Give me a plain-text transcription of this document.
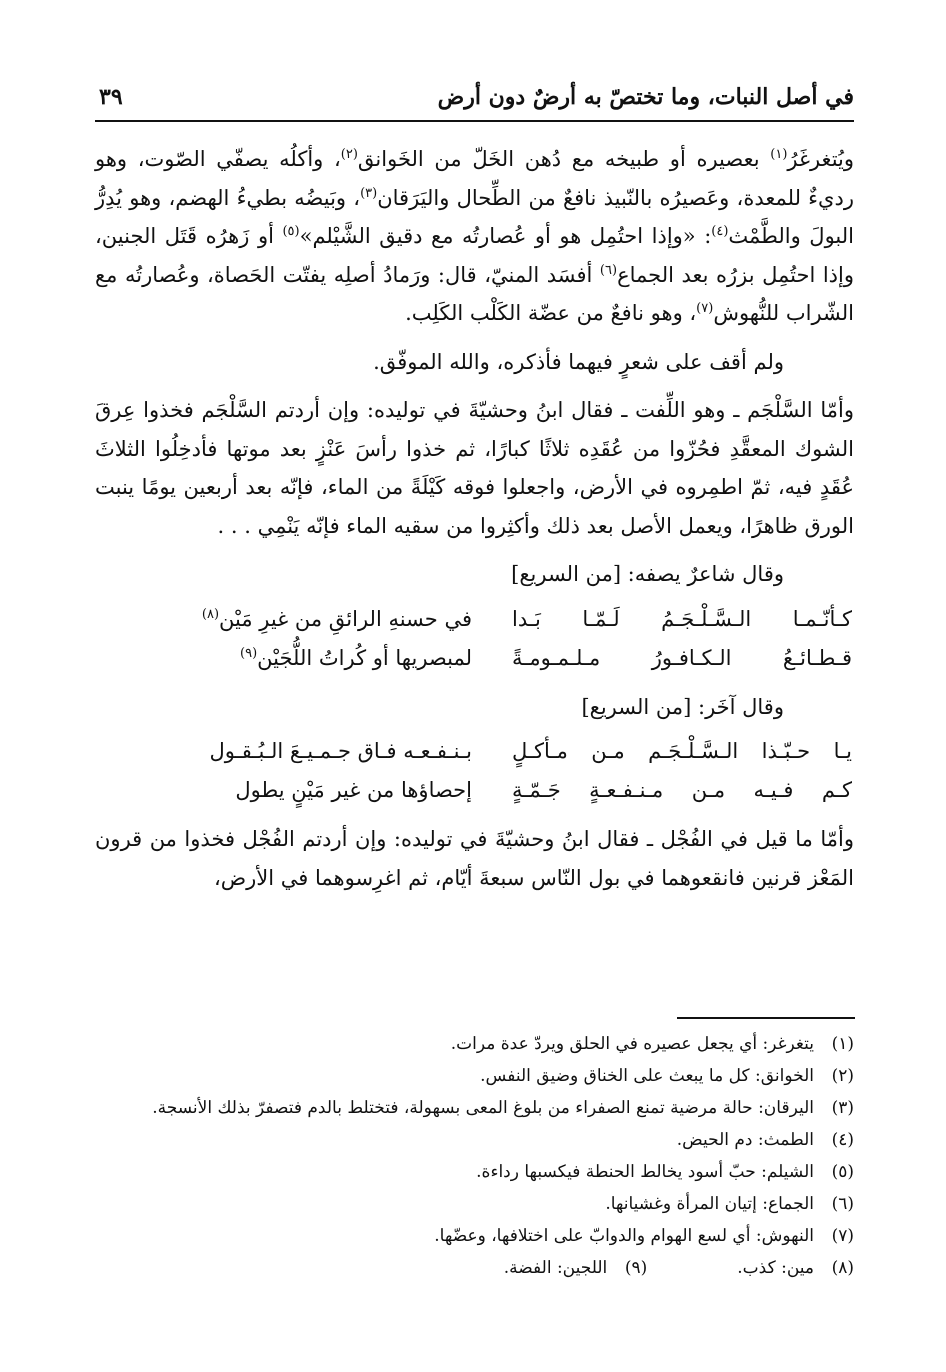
في أصل النبات، وما تختصّ به أرضٌ دون أرض
٣٩

ويُتغرغَرُ$^{(١)}$ بعصيره أو طبيخه مع دُهن الخَلّ من الخَوانق$^{(٢)}$، وأكلُه يصفّي الصّوت، وهو رديءٌ للمعدة، وعَصيرُه بالنّبيذ نافعٌ من الطِّحال واليَرَقان$^{(٣)}$، وبَيضُه بطيءُ الهضم، وهو يُدِرُّ البولَ والطَّمْث$^{(٤)}$: «وإذا احتُمِل هو أو عُصارتُه مع دقيق الشَّيْلم»$^{(٥)}$ أو زَهرُه قَتَل الجنين، وإذا احتُمِل بزرُه بعد الجماع$^{(٦)}$ أفسَد المنيّ، قال: ورَمادُ أصلِه يفتّت الحَصاة، وعُصارتُه مع الشّراب للنُّهوش$^{(٧)}$، وهو نافعٌ من عضّة الكَلْب الكَلِب.

ولم أقف على شعرٍ فيهما فأذكره، والله الموفّق.

وأمّا السَّلْجَم ـ وهو اللِّفت ـ فقال ابنُ وحشيّةَ في توليده: وإن أردتم السَّلْجَم فخذوا عِرقَ الشوك المعقَّدِ فحُزّوا من عُقَدِه ثلاثًا كبارًا، ثم خذوا رأسَ عَنْزٍ بعد موتها فأدخِلُوا الثلاثَ عُقَدٍ فيه، ثمّ اطمِروه في الأرض، واجعلوا فوقه كَيْلَةً من الماء، فإنّه بعد أربعين يومًا ينبت الورق ظاهرًا، ويعمل الأصل بعد ذلك وأكثِروا من سقيه الماء فإنّه يَنْمِي . . .

وقال شاعرٌ يصفه: [من السريع]

كـأنّـمـا الـسَّـلْـجَـمُ لَـمّـا بَـدا
في حسنهِ الرائقِ من غيرِ مَيْن$^{(٨)}$
قـطـائـعُ الـكـافـورُ مـلـمـومـةً
لمبصريها أو كُراتُ اللُّجَيْن$^{(٩)}$

وقال آخَر: [من السريع]

يـا حـبّـذا الـسَّـلْـجَـم مـن مـأكـلٍ
بـنـفـعـه فـاق جـمـيـعَ الـبُـقـول
كـم فـيـه مـن مـنـفـعـةٍ جَـمّـةٍ
إحصاؤها من غير مَيْنٍ يطول

وأمّا ما قيل في الفُجْل ـ فقال ابنُ وحشيّةَ في توليده: وإن أردتم الفُجْل فخذوا من قرون المَعْز قرنين فانقعوهما في بول النّاس سبعةَ أيّام، ثم اغرِسوهما في الأرض،

(١)
يتغرغر: أي يجعل عصيره في الحلق ويردّ عدة مرات.
(٢)
الخوانق: كل ما يبعث على الخناق وضيق النفس.
(٣)
اليرقان: حالة مرضية تمنع الصفراء من بلوغ المعى بسهولة، فتختلط بالدم فتصفرّ بذلك الأنسجة.
(٤)
الطمث: دم الحيض.
(٥)
الشيلم: حبّ أسود يخالط الحنطة فيكسبها رداءة.
(٦)
الجماع: إتيان المرأة وغشيانها.
(٧)
النهوش: أي لسع الهوام والدوابّ على اختلافها، وعضّها.
(٨)
مين: كذب.
(٩)
اللجين: الفضة.
